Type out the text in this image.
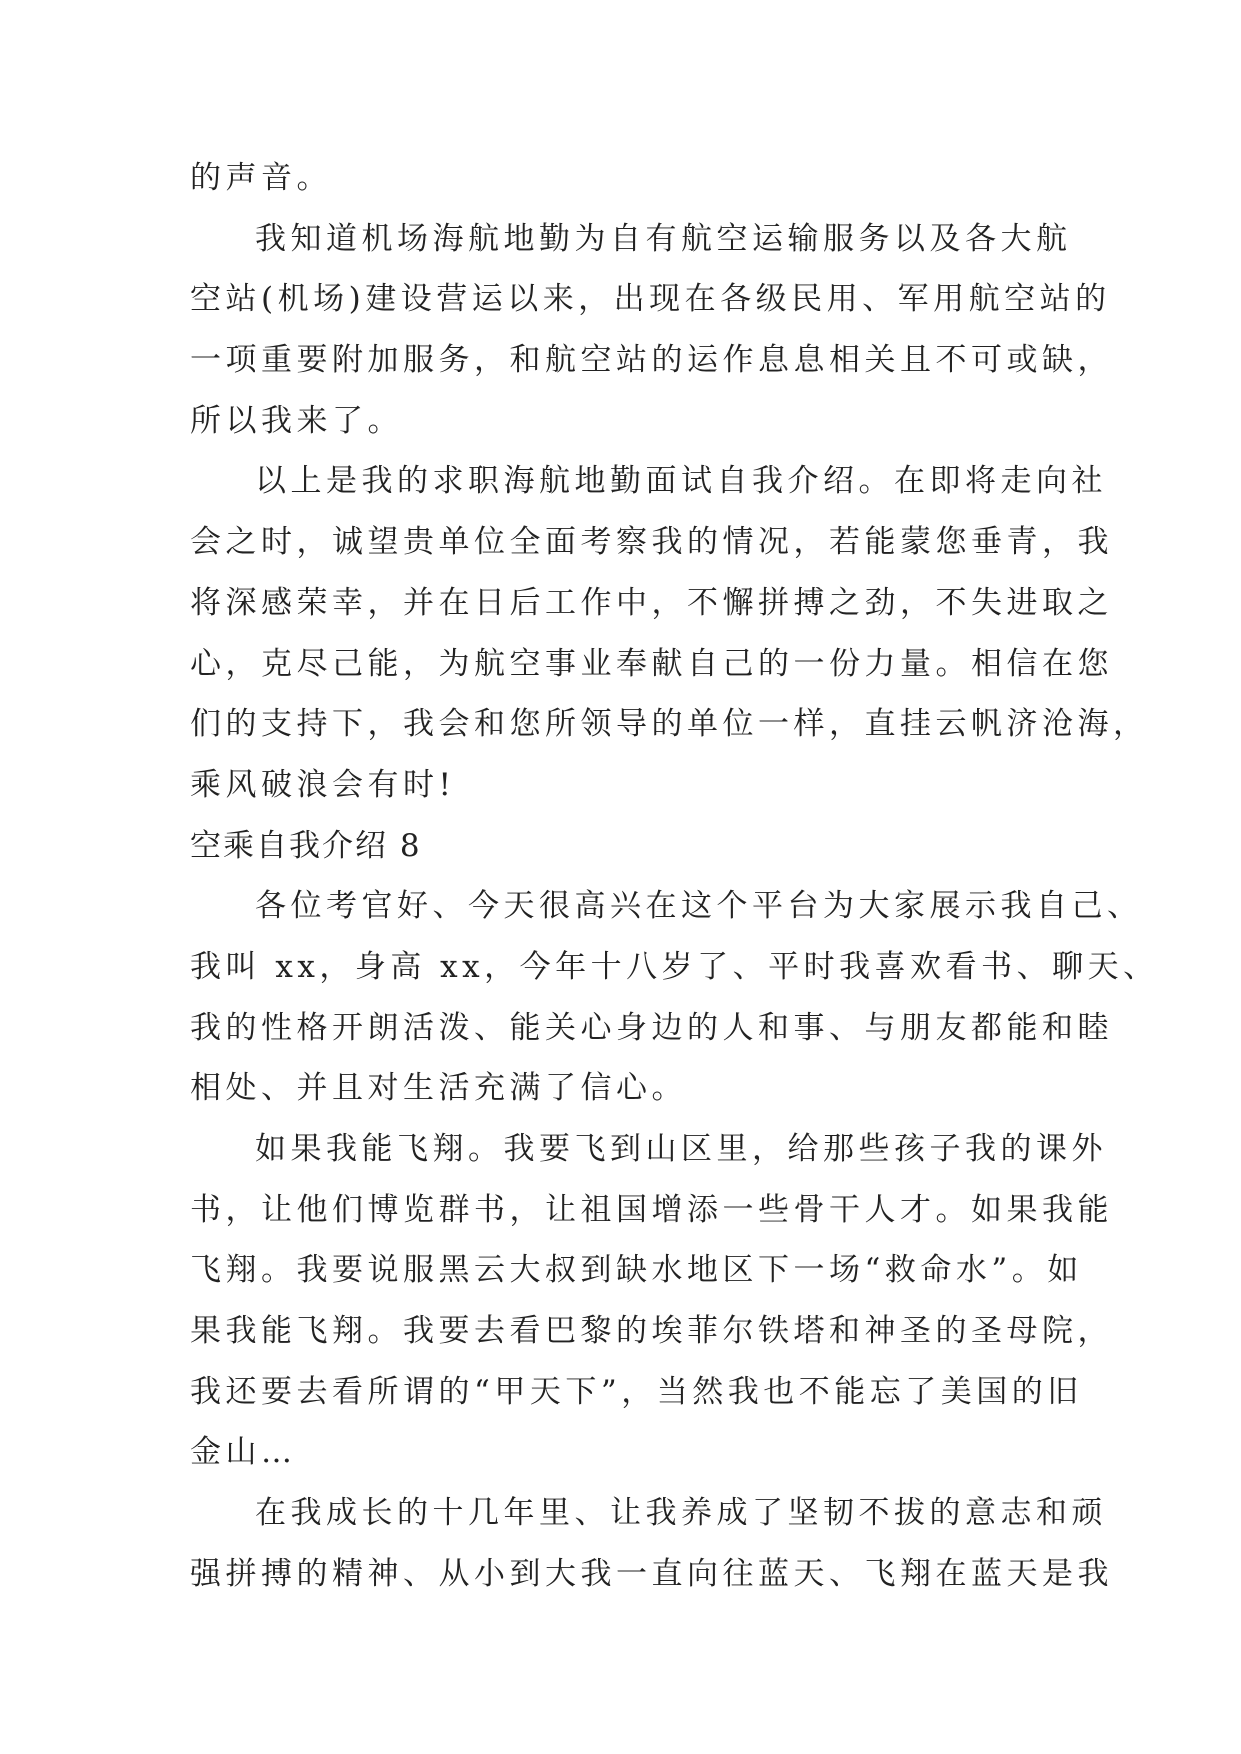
的声音。
我知道机场海航地勤为自有航空运输服务以及各大航
空站(机场)建设营运以来，出现在各级民用、军用航空站的
一项重要附加服务，和航空站的运作息息相关且不可或缺，
所以我来了。
以上是我的求职海航地勤面试自我介绍。在即将走向社
会之时，诚望贵单位全面考察我的情况，若能蒙您垂青，我
将深感荣幸，并在日后工作中，不懈拼搏之劲，不失进取之
心，克尽己能，为航空事业奉献自己的一份力量。相信在您
们的支持下，我会和您所领导的单位一样，直挂云帆济沧海，
乘风破浪会有时!
空乘自我介绍 8
各位考官好、今天很高兴在这个平台为大家展示我自己、
我叫 xx，身高 xx，今年十八岁了、平时我喜欢看书、聊天、
我的性格开朗活泼、能关心身边的人和事、与朋友都能和睦
相处、并且对生活充满了信心。
如果我能飞翔。我要飞到山区里，给那些孩子我的课外
书，让他们博览群书，让祖国增添一些骨干人才。如果我能
飞翔。我要说服黑云大叔到缺水地区下一场“救命水”。如
果我能飞翔。我要去看巴黎的埃菲尔铁塔和神圣的圣母院，
我还要去看所谓的“甲天下”，当然我也不能忘了美国的旧
金山…
在我成长的十几年里、让我养成了坚韧不拔的意志和顽
强拼搏的精神、从小到大我一直向往蓝天、飞翔在蓝天是我
